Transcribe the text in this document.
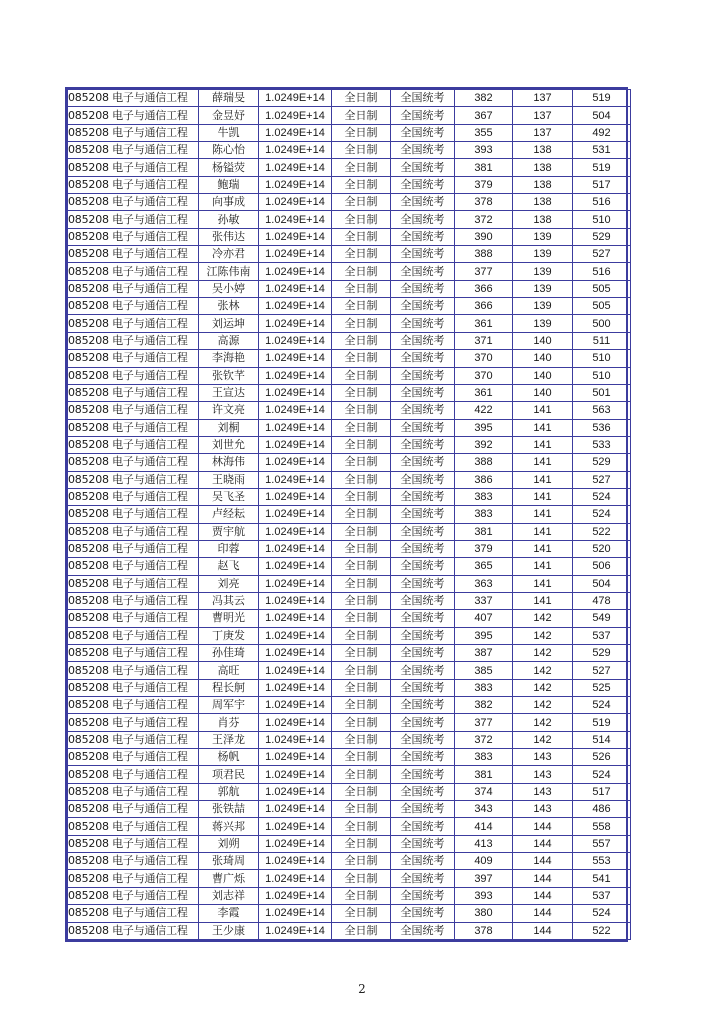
085208 电子与通信工程	薛瑞旻	1.0249E+14	全日制	全国统考	382	137	519
085208 电子与通信工程	金昱妤	1.0249E+14	全日制	全国统考	367	137	504
085208 电子与通信工程	牛凯	1.0249E+14	全日制	全国统考	355	137	492
085208 电子与通信工程	陈心怡	1.0249E+14	全日制	全国统考	393	138	531
085208 电子与通信工程	杨镒荧	1.0249E+14	全日制	全国统考	381	138	519
085208 电子与通信工程	鲍瑞	1.0249E+14	全日制	全国统考	379	138	517
085208 电子与通信工程	向事成	1.0249E+14	全日制	全国统考	378	138	516
085208 电子与通信工程	孙敏	1.0249E+14	全日制	全国统考	372	138	510
085208 电子与通信工程	张伟达	1.0249E+14	全日制	全国统考	390	139	529
085208 电子与通信工程	冷亦君	1.0249E+14	全日制	全国统考	388	139	527
085208 电子与通信工程	江陈伟南	1.0249E+14	全日制	全国统考	377	139	516
085208 电子与通信工程	吴小婷	1.0249E+14	全日制	全国统考	366	139	505
085208 电子与通信工程	张林	1.0249E+14	全日制	全国统考	366	139	505
085208 电子与通信工程	刘运坤	1.0249E+14	全日制	全国统考	361	139	500
085208 电子与通信工程	高源	1.0249E+14	全日制	全国统考	371	140	511
085208 电子与通信工程	李海艳	1.0249E+14	全日制	全国统考	370	140	510
085208 电子与通信工程	张钦芊	1.0249E+14	全日制	全国统考	370	140	510
085208 电子与通信工程	王宣达	1.0249E+14	全日制	全国统考	361	140	501
085208 电子与通信工程	许文亮	1.0249E+14	全日制	全国统考	422	141	563
085208 电子与通信工程	刘桐	1.0249E+14	全日制	全国统考	395	141	536
085208 电子与通信工程	刘世允	1.0249E+14	全日制	全国统考	392	141	533
085208 电子与通信工程	林海伟	1.0249E+14	全日制	全国统考	388	141	529
085208 电子与通信工程	王晓雨	1.0249E+14	全日制	全国统考	386	141	527
085208 电子与通信工程	吴飞圣	1.0249E+14	全日制	全国统考	383	141	524
085208 电子与通信工程	卢经耘	1.0249E+14	全日制	全国统考	383	141	524
085208 电子与通信工程	贾宇航	1.0249E+14	全日制	全国统考	381	141	522
085208 电子与通信工程	印蓉	1.0249E+14	全日制	全国统考	379	141	520
085208 电子与通信工程	赵飞	1.0249E+14	全日制	全国统考	365	141	506
085208 电子与通信工程	刘亮	1.0249E+14	全日制	全国统考	363	141	504
085208 电子与通信工程	冯其云	1.0249E+14	全日制	全国统考	337	141	478
085208 电子与通信工程	曹明光	1.0249E+14	全日制	全国统考	407	142	549
085208 电子与通信工程	丁庚发	1.0249E+14	全日制	全国统考	395	142	537
085208 电子与通信工程	孙佳琦	1.0249E+14	全日制	全国统考	387	142	529
085208 电子与通信工程	高旺	1.0249E+14	全日制	全国统考	385	142	527
085208 电子与通信工程	程长舸	1.0249E+14	全日制	全国统考	383	142	525
085208 电子与通信工程	周军宇	1.0249E+14	全日制	全国统考	382	142	524
085208 电子与通信工程	肖芬	1.0249E+14	全日制	全国统考	377	142	519
085208 电子与通信工程	王泽龙	1.0249E+14	全日制	全国统考	372	142	514
085208 电子与通信工程	杨帆	1.0249E+14	全日制	全国统考	383	143	526
085208 电子与通信工程	项君民	1.0249E+14	全日制	全国统考	381	143	524
085208 电子与通信工程	郭航	1.0249E+14	全日制	全国统考	374	143	517
085208 电子与通信工程	张铁喆	1.0249E+14	全日制	全国统考	343	143	486
085208 电子与通信工程	蒋兴邦	1.0249E+14	全日制	全国统考	414	144	558
085208 电子与通信工程	刘朔	1.0249E+14	全日制	全国统考	413	144	557
085208 电子与通信工程	张琦周	1.0249E+14	全日制	全国统考	409	144	553
085208 电子与通信工程	曹广烁	1.0249E+14	全日制	全国统考	397	144	541
085208 电子与通信工程	刘志祥	1.0249E+14	全日制	全国统考	393	144	537
085208 电子与通信工程	李霞	1.0249E+14	全日制	全国统考	380	144	524
085208 电子与通信工程	王少康	1.0249E+14	全日制	全国统考	378	144	522
2
